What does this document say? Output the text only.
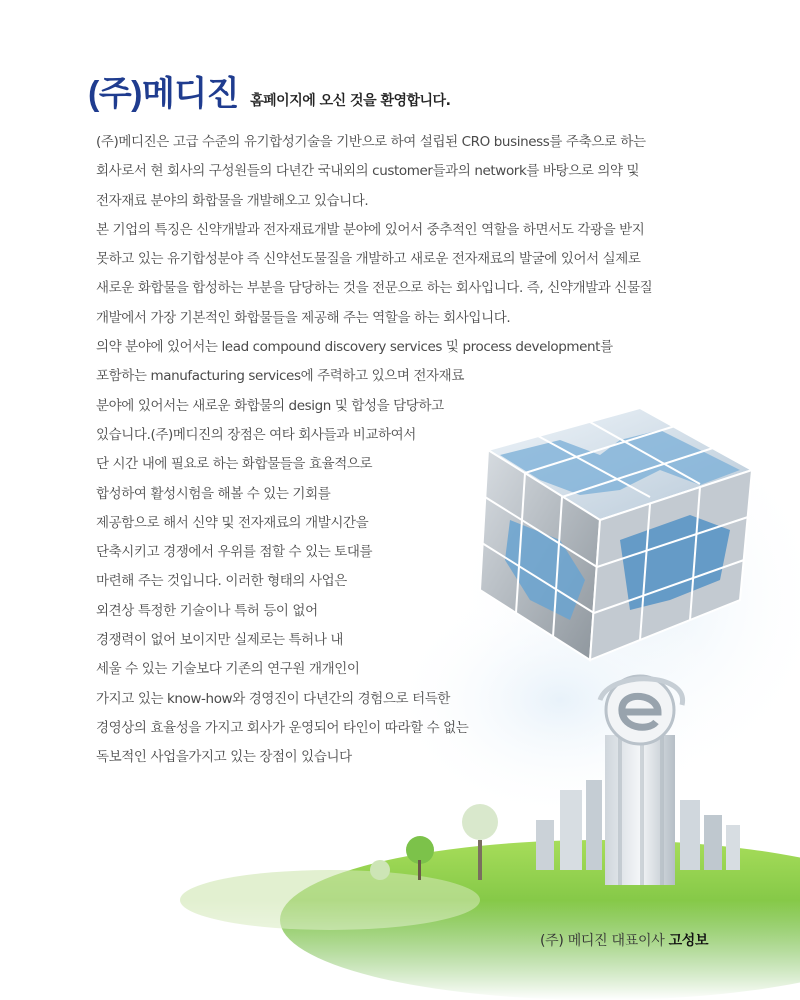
(주)메디진 홈페이지에 오신 것을 환영합니다.
(주)메디진은 고급 수준의 유기합성기술을 기반으로 하여 설립된 CRO business를 주축으로 하는
회사로서 현 회사의 구성원들의 다년간 국내외의 customer들과의 network를 바탕으로 의약 및
전자재료 분야의 화합물을 개발해오고 있습니다.
본 기업의 특징은 신약개발과 전자재료개발 분야에 있어서 중추적인 역할을 하면서도 각광을 받지
못하고 있는 유기합성분야 즉 신약선도물질을 개발하고 새로운 전자재료의 발굴에 있어서 실제로
새로운 화합물을 합성하는 부분을 담당하는 것을 전문으로 하는 회사입니다. 즉, 신약개발과 신물질
개발에서 가장 기본적인 화합물들을 제공해 주는 역할을 하는 회사입니다.
의약 분야에 있어서는 lead compound discovery services 및 process development를
포함하는 manufacturing services에 주력하고 있으며 전자재료
분야에 있어서는 새로운 화합물의 design 및 합성을 담당하고
있습니다.(주)메디진의 장점은 여타 회사들과 비교하여서
단 시간 내에 필요로 하는 화합물들을 효율적으로
합성하여 활성시험을 해볼 수 있는 기회를
제공함으로 해서 신약 및 전자재료의 개발시간을
단축시키고 경쟁에서 우위를 점할 수 있는 토대를
마련해 주는 것입니다. 이러한 형태의 사업은
외견상 특정한 기술이나 특허 등이 없어
경쟁력이 없어 보이지만 실제로는 특허나 내
세울 수 있는 기술보다 기존의 연구원 개개인이
가지고 있는 know-how와 경영진이 다년간의 경험으로 터득한
경영상의 효율성을 가지고 회사가 운영되어 타인이 따라할 수 없는
독보적인 사업을가지고 있는 장점이 있습니다
(주) 메디진 대표이사 고성보
